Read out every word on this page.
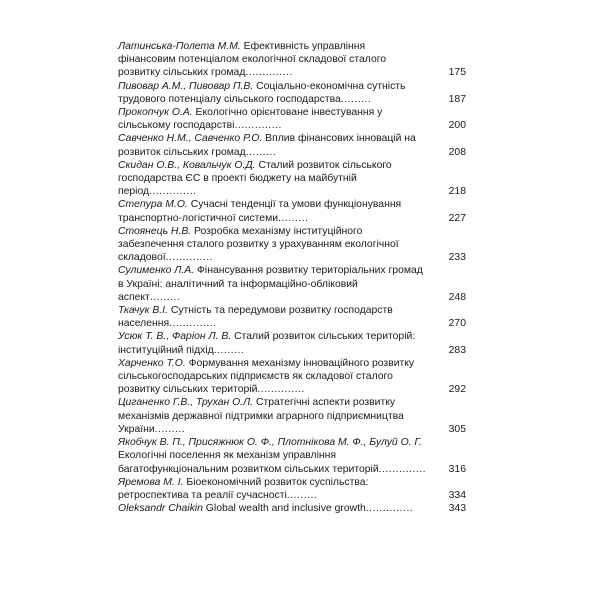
Латинська-Полета М.М. Ефективність управління
фінансовим потенціалом екологічної складової сталого
розвитку сільських громад..............	175
Пивовар А.М., Пивовар П.В. Соціально-економічна сутність
трудового потенціалу сільського господарства.........	187
Прокопчук О.А. Екологічно орієнтоване інвестування у
сільському господарстві..............	200
Савченко Н.М., Савченко Р.О. Вплив фінансових інновацій на
розвиток сільських громад.........	208
Скидан О.В., Ковальчук О.Д. Сталий розвиток сільського
господарства ЄС в проекті бюджету на майбутній період..............	218
Степура М.О. Сучасні тенденції та умови функціонування
транспортно-логістичної системи.........	227
Стоянець Н.В. Розробка механізму інституційного
забезпечення сталого розвитку з урахуванням екологічної
складової..............	233
Сулименко Л.А. Фінансування розвитку територіальних громад
в Україні: аналітичний та інформаційно-обліковий
аспект.........	248
Ткачук В.І. Сутність та передумови розвитку господарств
населення..............	270
Усюк Т. В., Фаріон Л. В. Сталий розвиток сільських територій:
інституційний підхід.........	283
Харченко Т.О. Формування механізму інноваційного розвитку
сільськогосподарських підприємств як складової сталого
розвитку сільських територій..............	292
Циганенко Г.В., Трухан О.Л. Стратегічні аспекти розвитку
механізмів державної підтримки аграрного підприємництва
України.........	305
Якобчук В. П., Присяжнюк О. Ф., Плотнікова М. Ф., Булуй О. Г.
Екологічні поселення як механізм управління
багатофункціональним розвитком сільських територій..............	316
Яремова М. І. Біоекономічний розвиток суспільства:
ретроспектива та реалії сучасності.........	334
Oleksandr Chaikin Global wealth and inclusive growth..............	343
